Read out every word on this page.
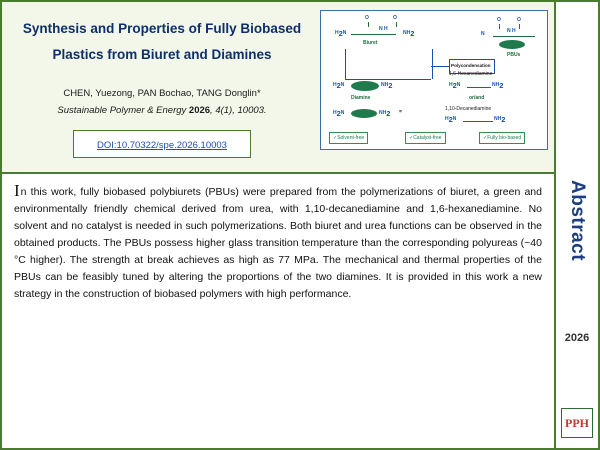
Synthesis and Properties of Fully Biobased
Plastics from Biuret and Diamines
CHEN, Yuezong, PAN Bochao, TANG Donglin*
Sustainable Polymer & Energy 2026, 4(1), 10003.
DOI:10.70322/spe.2026.10003
O	O
N H
H2N	NH2
Biuret
Polycondensation
H2N	NH2
Diamine
H2N	NH2 =
O	O
N H
N
PBUs
H2N	NH2
1,6-Hexanediamine
or/and
H2N	NH2
1,10-Decanediamine
✓Solvent-free	✓Catalyst-free	✓Fully bio-based
In this work, fully biobased polybiurets (PBUs) were prepared from the polymerizations of biuret, a green and environmentally friendly chemical derived from urea, with 1,10-decanediamine and 1,6-hexanediamine. No solvent and no catalyst is needed in such polymerizations. Both biuret and urea functions can be observed in the obtained products. The PBUs possess higher glass transition temperature than the corresponding polyureas (~40 °C higher). The strength at break achieves as high as 77 MPa. The mechanical and thermal properties of the PBUs can be feasibly tuned by altering the proportions of the two diamines. It is provided in this work a new strategy in the construction of biobased polymers with high performance.
Abstract
2026
PPH
